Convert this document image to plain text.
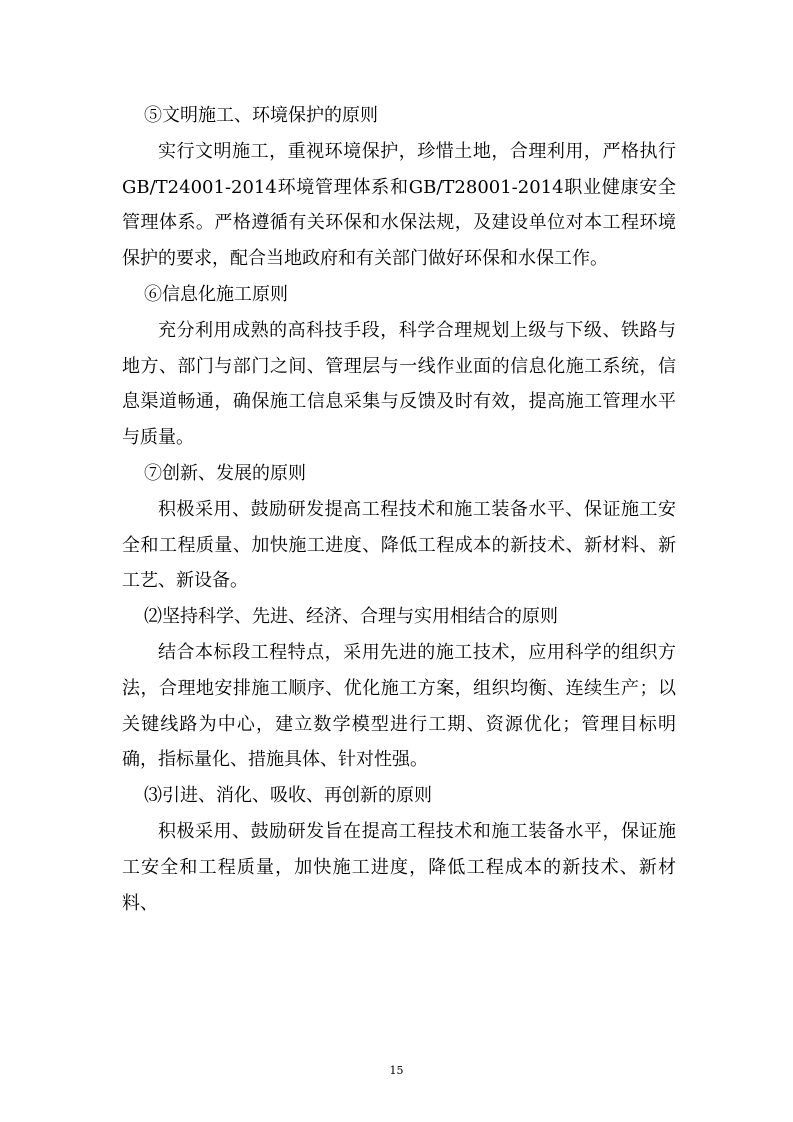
⑤文明施工、环境保护的原则

实行文明施工，重视环境保护，珍惜土地，合理利用，严格执行GB/T24001-2014环境管理体系和GB/T28001-2014职业健康安全管理体系。严格遵循有关环保和水保法规，及建设单位对本工程环境保护的要求，配合当地政府和有关部门做好环保和水保工作。

⑥信息化施工原则

充分利用成熟的高科技手段，科学合理规划上级与下级、铁路与地方、部门与部门之间、管理层与一线作业面的信息化施工系统，信息渠道畅通，确保施工信息采集与反馈及时有效，提高施工管理水平与质量。

⑦创新、发展的原则

积极采用、鼓励研发提高工程技术和施工装备水平、保证施工安全和工程质量、加快施工进度、降低工程成本的新技术、新材料、新工艺、新设备。

⑵坚持科学、先进、经济、合理与实用相结合的原则

结合本标段工程特点，采用先进的施工技术，应用科学的组织方法，合理地安排施工顺序、优化施工方案，组织均衡、连续生产；以关键线路为中心，建立数学模型进行工期、资源优化；管理目标明确，指标量化、措施具体、针对性强。

⑶引进、消化、吸收、再创新的原则

积极采用、鼓励研发旨在提高工程技术和施工装备水平，保证施工安全和工程质量，加快施工进度，降低工程成本的新技术、新材料、

15
